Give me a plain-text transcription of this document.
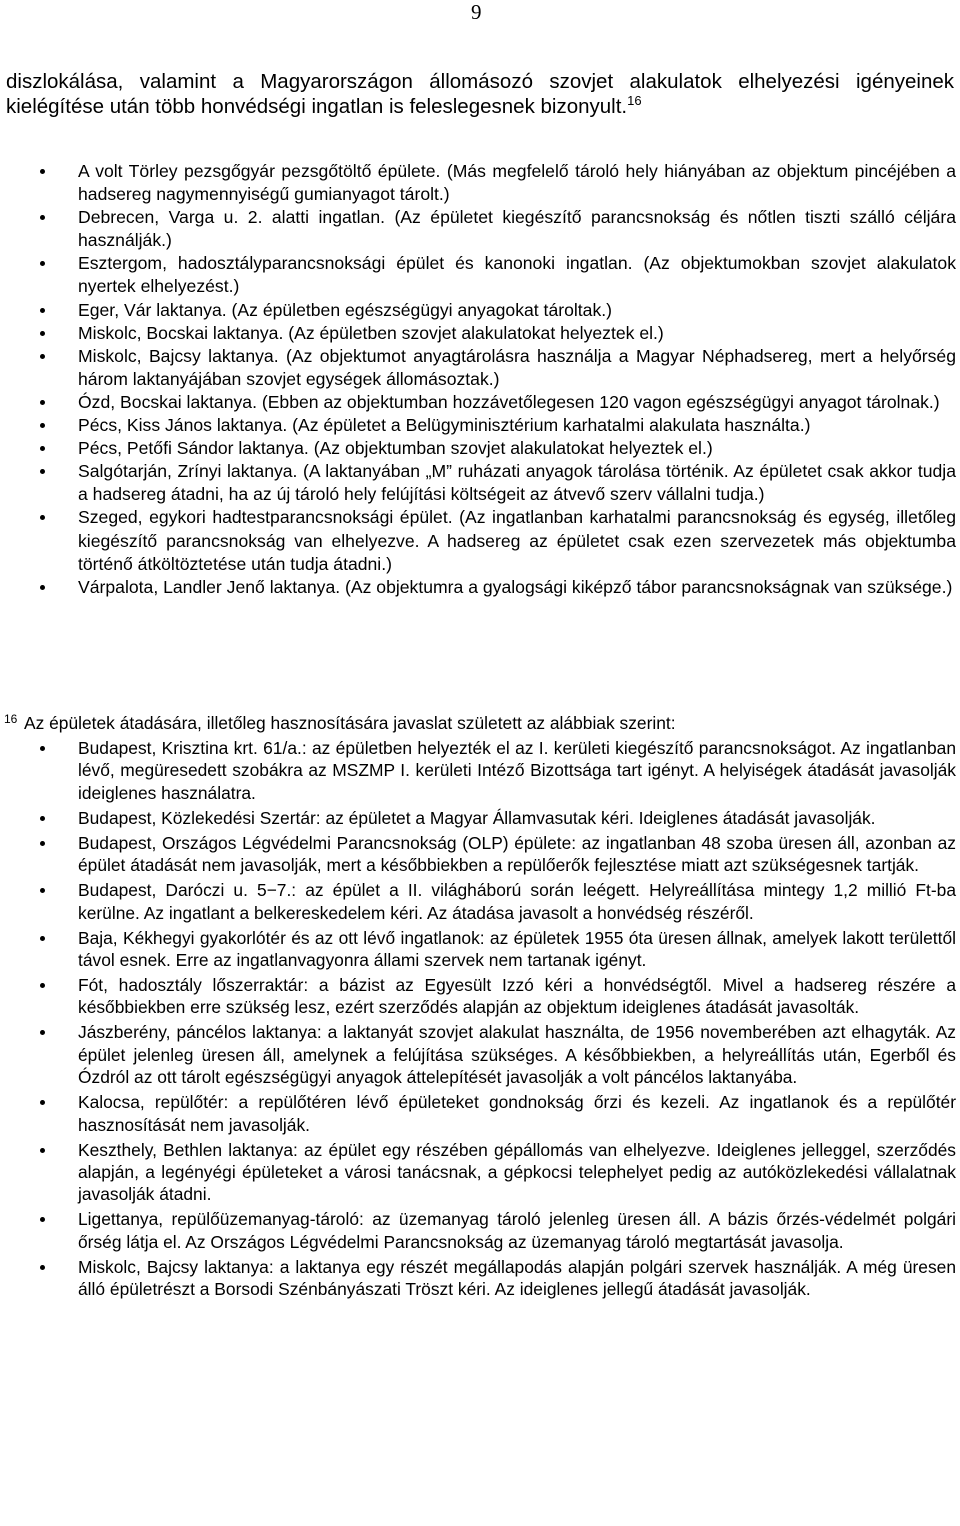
9
diszlokálása, valamint a Magyarországon állomásozó szovjet alakulatok elhelyezési igényeinek kielégítése után több honvédségi ingatlan is feleslegesnek bizonyult.$^{16}$
A volt Törley pezsgőgyár pezsgőtöltő épülete. (Más megfelelő tároló hely hiányában az objektum pincéjében a hadsereg nagymennyiségű gumianyagot tárolt.)
Debrecen, Varga u. 2. alatti ingatlan. (Az épületet kiegészítő parancsnokság és nőtlen tiszti szálló céljára használják.)
Esztergom, hadosztályparancsnoksági épület és kanonoki ingatlan. (Az objektumokban szovjet alakulatok nyertek elhelyezést.)
Eger, Vár laktanya. (Az épületben egészségügyi anyagokat tároltak.)
Miskolc, Bocskai laktanya. (Az épületben szovjet alakulatokat helyeztek el.)
Miskolc, Bajcsy laktanya. (Az objektumot anyagtárolásra használja a Magyar Néphadsereg, mert a helyőrség három laktanyájában szovjet egységek állomásoztak.)
Ózd, Bocskai laktanya. (Ebben az objektumban hozzávetőlegesen 120 vagon egészségügyi anyagot tárolnak.)
Pécs, Kiss János laktanya. (Az épületet a Belügyminisztérium karhatalmi alakulata használta.)
Pécs, Petőfi Sándor laktanya. (Az objektumban szovjet alakulatokat helyeztek el.)
Salgótarján, Zrínyi laktanya. (A laktanyában „M” ruházati anyagok tárolása történik. Az épületet csak akkor tudja a hadsereg átadni, ha az új tároló hely felújítási költségeit az átvevő szerv vállalni tudja.)
Szeged, egykori hadtestparancsnoksági épület. (Az ingatlanban karhatalmi parancsnokság és egység, illetőleg kiegészítő parancsnokság van elhelyezve. A hadsereg az épületet csak ezen szervezetek más objektumba történő átköltöztetése után tudja átadni.)
Várpalota, Landler Jenő laktanya. (Az objektumra a gyalogsági kiképző tábor parancsnokságnak van szüksége.)
16 Az épületek átadására, illetőleg hasznosítására javaslat született az alábbiak szerint:
Budapest, Krisztina krt. 61/a.: az épületben helyezték el az I. kerületi kiegészítő parancsnokságot. Az ingatlanban lévő, megüresedett szobákra az MSZMP I. kerületi Intéző Bizottsága tart igényt. A helyiségek átadását javasolják ideiglenes használatra.
Budapest, Közlekedési Szertár: az épületet a Magyar Államvasutak kéri. Ideiglenes átadását javasolják.
Budapest, Országos Légvédelmi Parancsnokság (OLP) épülete: az ingatlanban 48 szoba üresen áll, azonban az épület átadását nem javasolják, mert a későbbiekben a repülőerők fejlesztése miatt azt szükségesnek tartják.
Budapest, Daróczi u. 5−7.: az épület a II. világháború során leégett. Helyreállítása mintegy 1,2 millió Ft-ba kerülne. Az ingatlant a belkereskedelem kéri. Az átadása javasolt a honvédség részéről.
Baja, Kékhegyi gyakorlótér és az ott lévő ingatlanok: az épületek 1955 óta üresen állnak, amelyek lakott területtől távol esnek. Erre az ingatlanvagyonra állami szervek nem tartanak igényt.
Fót, hadosztály lőszerraktár: a bázist az Egyesült Izzó kéri a honvédségtől. Mivel a hadsereg részére a későbbiekben erre szükség lesz, ezért szerződés alapján az objektum ideiglenes átadását javasolták.
Jászberény, páncélos laktanya: a laktanyát szovjet alakulat használta, de 1956 novemberében azt elhagyták. Az épület jelenleg üresen áll, amelynek a felújítása szükséges. A későbbiekben, a helyreállítás után, Egerből és Ózdról az ott tárolt egészségügyi anyagok áttelepítését javasolják a volt páncélos laktanyába.
Kalocsa, repülőtér: a repülőtéren lévő épületeket gondnokság őrzi és kezeli. Az ingatlanok és a repülőtér hasznosítását nem javasolják.
Keszthely, Bethlen laktanya: az épület egy részében gépállomás van elhelyezve. Ideiglenes jelleggel, szerződés alapján, a legényégi épületeket a városi tanácsnak, a gépkocsi telephelyet pedig az autóközlekedési vállalatnak javasolják átadni.
Ligettanya, repülőüzemanyag-tároló: az üzemanyag tároló jelenleg üresen áll. A bázis őrzés-védelmét polgári őrség látja el. Az Országos Légvédelmi Parancsnokság az üzemanyag tároló megtartását javasolja.
Miskolc, Bajcsy laktanya: a laktanya egy részét megállapodás alapján polgári szervek használják. A még üresen álló épületrészt a Borsodi Szénbányászati Tröszt kéri. Az ideiglenes jellegű átadását javasolják.
